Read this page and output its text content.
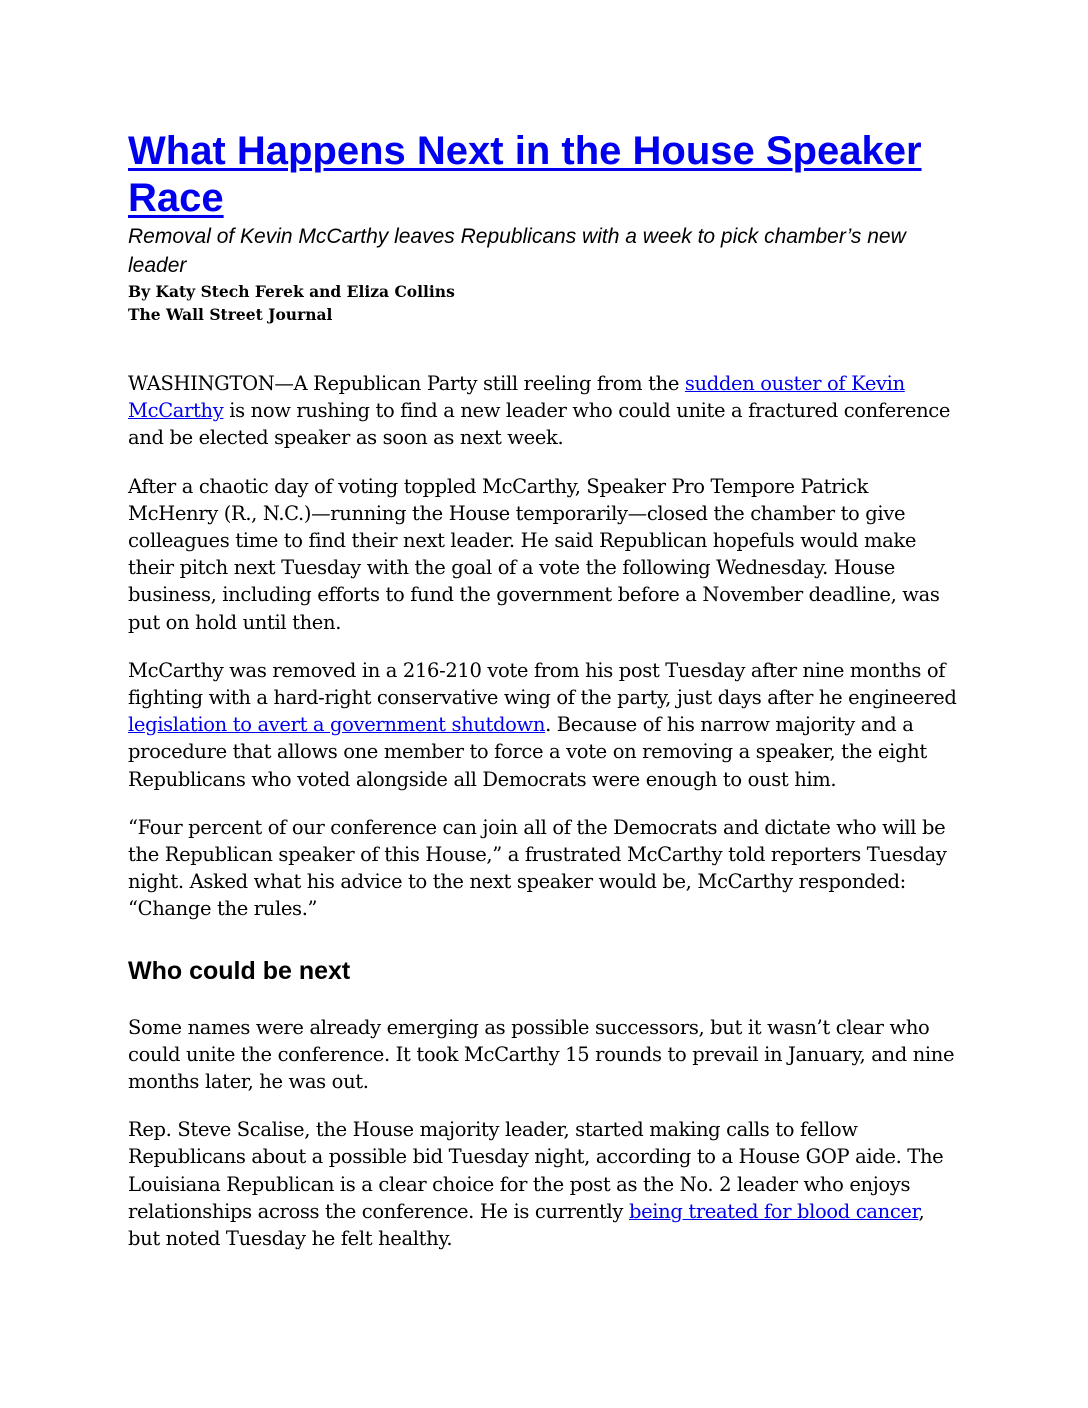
What Happens Next in the House Speaker Race

Removal of Kevin McCarthy leaves Republicans with a week to pick chamber’s new leader

By Katy Stech Ferek and Eliza Collins

The Wall Street Journal

WASHINGTON—A Republican Party still reeling from the sudden ouster of Kevin McCarthy is now rushing to find a new leader who could unite a fractured conference and be elected speaker as soon as next week.

After a chaotic day of voting toppled McCarthy, Speaker Pro Tempore Patrick McHenry (R., N.C.)—running the House temporarily—closed the chamber to give colleagues time to find their next leader. He said Republican hopefuls would make their pitch next Tuesday with the goal of a vote the following Wednesday. House business, including efforts to fund the government before a November deadline, was put on hold until then.

McCarthy was removed in a 216-210 vote from his post Tuesday after nine months of fighting with a hard-right conservative wing of the party, just days after he engineered legislation to avert a government shutdown. Because of his narrow majority and a procedure that allows one member to force a vote on removing a speaker, the eight Republicans who voted alongside all Democrats were enough to oust him.

“Four percent of our conference can join all of the Democrats and dictate who will be the Republican speaker of this House,” a frustrated McCarthy told reporters Tuesday night. Asked what his advice to the next speaker would be, McCarthy responded: “Change the rules.”

Who could be next

Some names were already emerging as possible successors, but it wasn’t clear who could unite the conference. It took McCarthy 15 rounds to prevail in January, and nine months later, he was out.

Rep. Steve Scalise, the House majority leader, started making calls to fellow Republicans about a possible bid Tuesday night, according to a House GOP aide. The Louisiana Republican is a clear choice for the post as the No. 2 leader who enjoys relationships across the conference. He is currently being treated for blood cancer, but noted Tuesday he felt healthy.
